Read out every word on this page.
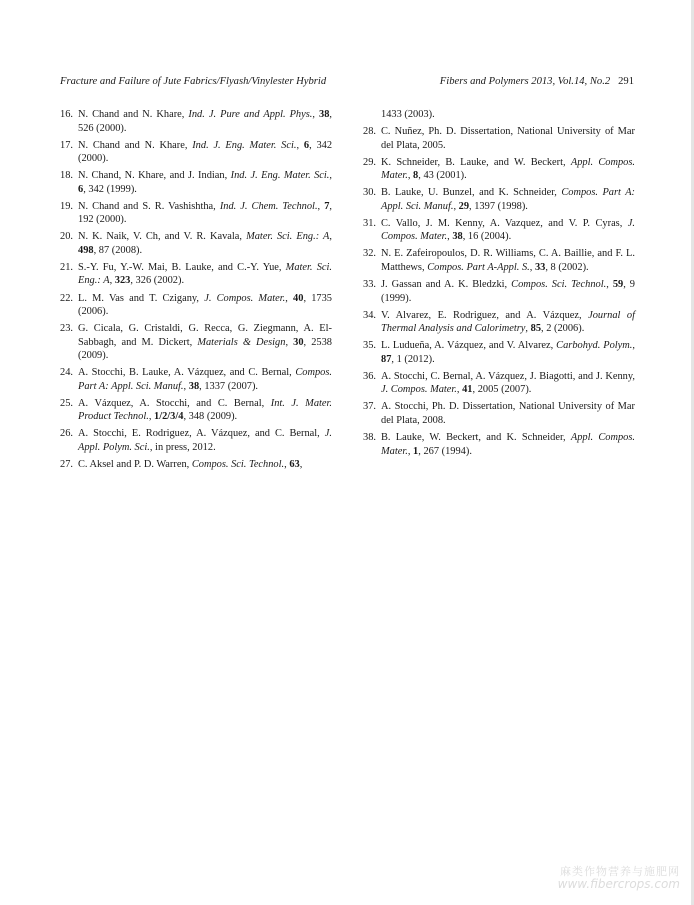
Fracture and Failure of Jute Fabrics/Flyash/Vinylester Hybrid	Fibers and Polymers 2013, Vol.14, No.2 291
16. N. Chand and N. Khare, Ind. J. Pure and Appl. Phys., 38, 526 (2000).
17. N. Chand and N. Khare, Ind. J. Eng. Mater. Sci., 6, 342 (2000).
18. N. Chand, N. Khare, and J. Indian, Ind. J. Eng. Mater. Sci., 6, 342 (1999).
19. N. Chand and S. R. Vashishtha, Ind. J. Chem. Technol., 7, 192 (2000).
20. N. K. Naik, V. Ch, and V. R. Kavala, Mater. Sci. Eng.: A, 498, 87 (2008).
21. S.-Y. Fu, Y.-W. Mai, B. Lauke, and C.-Y. Yue, Mater. Sci. Eng.: A, 323, 326 (2002).
22. L. M. Vas and T. Czigany, J. Compos. Mater., 40, 1735 (2006).
23. G. Cicala, G. Cristaldi, G. Recca, G. Ziegmann, A. El-Sabbagh, and M. Dickert, Materials & Design, 30, 2538 (2009).
24. A. Stocchi, B. Lauke, A. Vázquez, and C. Bernal, Compos. Part A: Appl. Sci. Manuf., 38, 1337 (2007).
25. A. Vázquez, A. Stocchi, and C. Bernal, Int. J. Mater. Product Technol., 1/2/3/4, 348 (2009).
26. A. Stocchi, E. Rodriguez, A. Vázquez, and C. Bernal, J. Appl. Polym. Sci., in press, 2012.
27. C. Aksel and P. D. Warren, Compos. Sci. Technol., 63,
1433 (2003).
28. C. Nuñez, Ph. D. Dissertation, National University of Mar del Plata, 2005.
29. K. Schneider, B. Lauke, and W. Beckert, Appl. Compos. Mater., 8, 43 (2001).
30. B. Lauke, U. Bunzel, and K. Schneider, Compos. Part A: Appl. Sci. Manuf., 29, 1397 (1998).
31. C. Vallo, J. M. Kenny, A. Vazquez, and V. P. Cyras, J. Compos. Mater., 38, 16 (2004).
32. N. E. Zafeiropoulos, D. R. Williams, C. A. Baillie, and F. L. Matthews, Compos. Part A-Appl. S., 33, 8 (2002).
33. J. Gassan and A. K. Bledzki, Compos. Sci. Technol., 59, 9 (1999).
34. V. Alvarez, E. Rodriguez, and A. Vázquez, Journal of Thermal Analysis and Calorimetry, 85, 2 (2006).
35. L. Ludueña, A. Vázquez, and V. Alvarez, Carbohyd. Polym., 87, 1 (2012).
36. A. Stocchi, C. Bernal, A. Vázquez, J. Biagotti, and J. Kenny, J. Compos. Mater., 41, 2005 (2007).
37. A. Stocchi, Ph. D. Dissertation, National University of Mar del Plata, 2008.
38. B. Lauke, W. Beckert, and K. Schneider, Appl. Compos. Mater., 1, 267 (1994).
麻类作物营养与施肥网
www.fibercrops.com
